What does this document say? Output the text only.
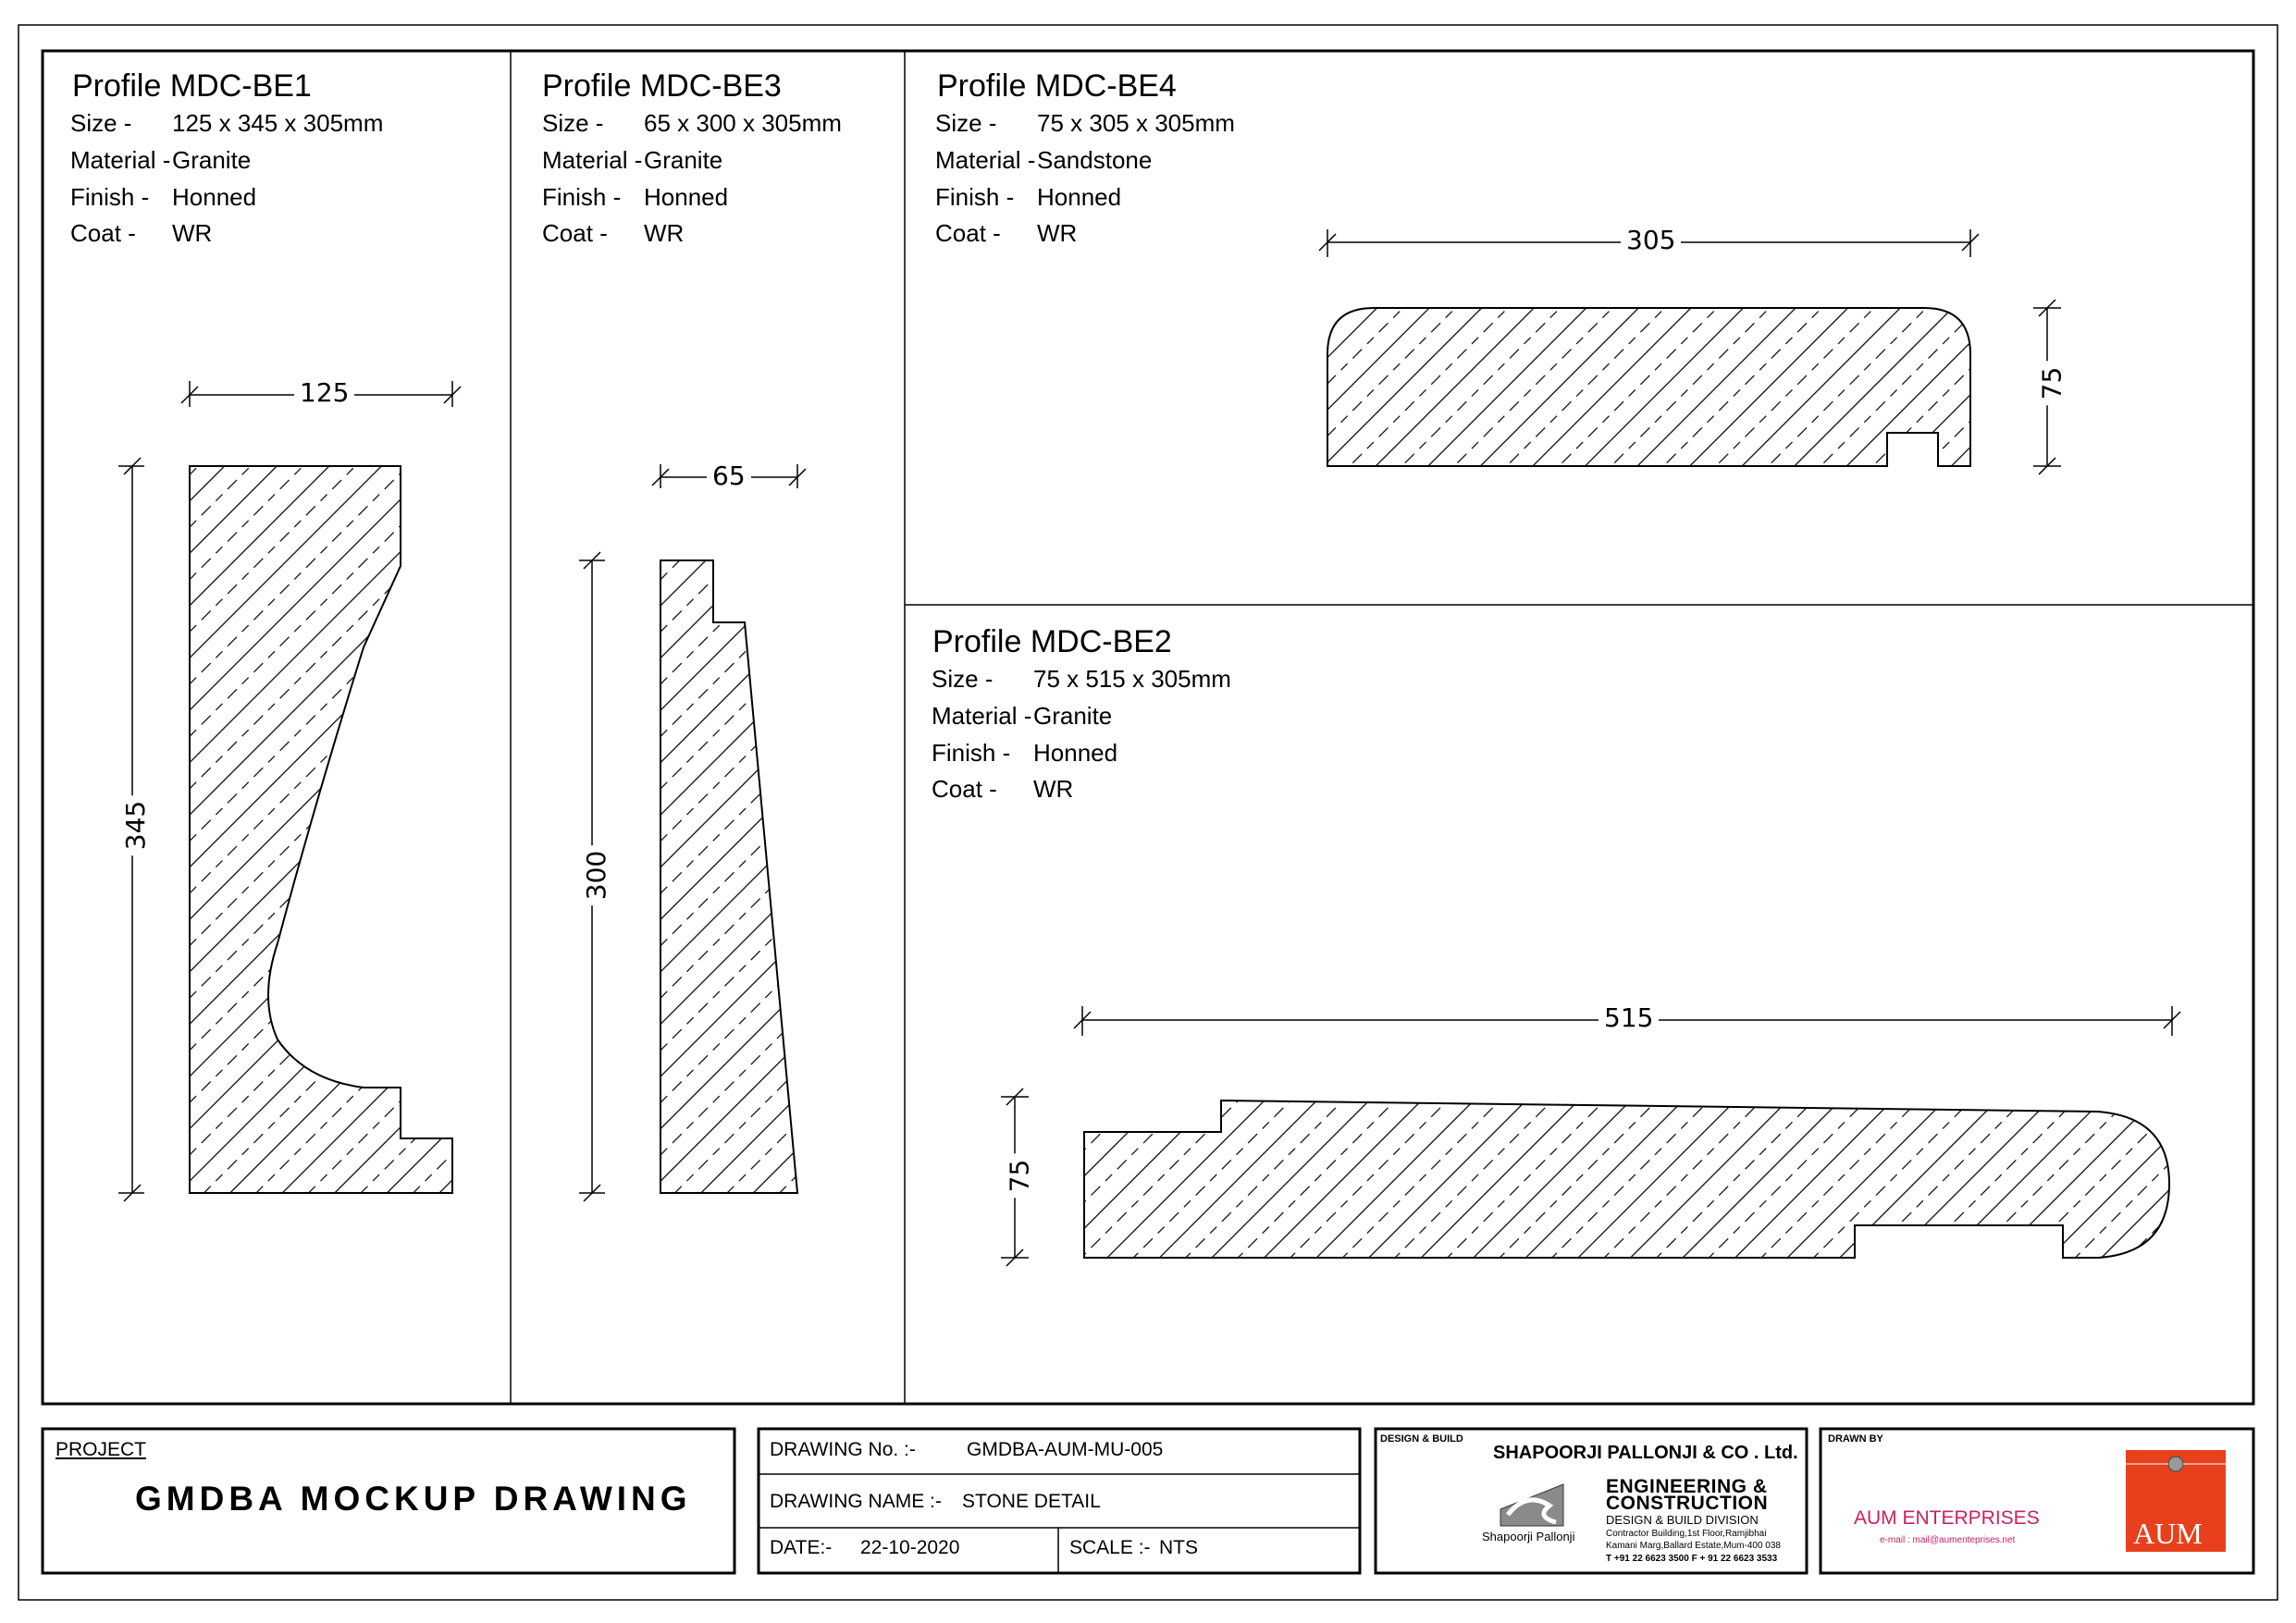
Profile MDC-BE1
Size - 125 x 345 x 305mm
Material -Granite
Finish - Honned
Coat - WR
125
345
Profile MDC-BE3
Size - 65 x 300 x 305mm
Material -Granite
Finish - Honned
Coat - WR
65
300
Profile MDC-BE4
Size - 75 x 305 x 305mm
Material -Sandstone
Finish - Honned
Coat - WR	305
75
Profile MDC-BE2
Size - 75 x 515 x 305mm
Material -Granite
Finish - Honned
Coat - WR
515
75
PROJECT
GMDBA MOCKUP DRAWING
DRAWING No. :-	GMDBA-AUM-MU-005
DRAWING NAME :- STONE DETAIL
DATE:- 22-10-2020	SCALE :- NTS
DESIGN & BUILD
SHAPOORJI PALLONJI & CO . Ltd.
Shapoorji Pallonji
ENGINEERING &
CONSTRUCTION
DESIGN & BUILD DIVISION
Contractor Building,1st Floor,Ramjibhai
Kamani Marg,Ballard Estate,Mum-400 038
T +91 22 6623 3500 F + 91 22 6623 3533
DRAWN BY
AUM ENTERPRISES
e-mail : mail@aumenteprises.net	AUM
